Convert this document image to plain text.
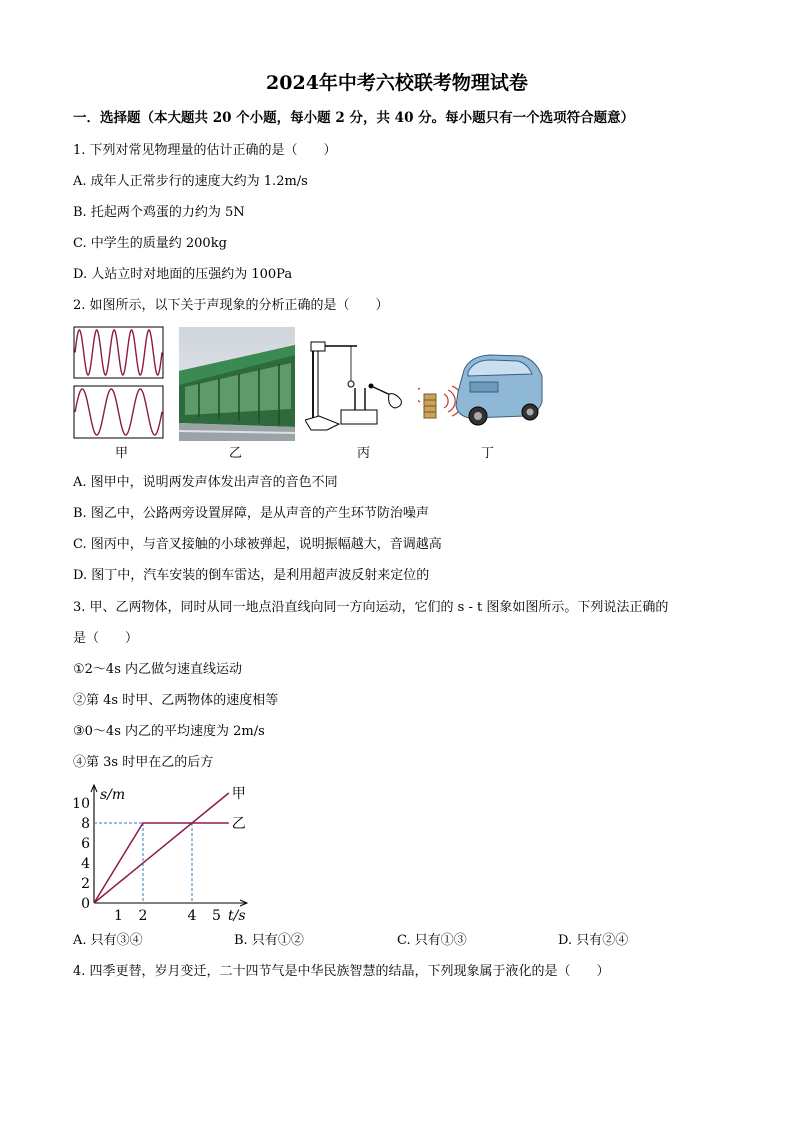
2024年中考六校联考物理试卷
一．选择题（本大题共 20 个小题，每小题 2 分，共 40 分。每小题只有一个选项符合题意）
1. 下列对常见物理量的估计正确的是（　　）
A. 成年人正常步行的速度大约为 1.2m/s
B. 托起两个鸡蛋的力约为 5N
C. 中学生的质量约 200kg
D. 人站立时对地面的压强约为 100Pa
2. 如图所示，以下关于声现象的分析正确的是（　　）
甲	乙	丙	丁
A. 图甲中，说明两发声体发出声音的音色不同
B. 图乙中，公路两旁设置屏障，是从声音的产生环节防治噪声
C. 图丙中，与音叉接触的小球被弹起，说明振幅越大，音调越高
D. 图丁中，汽车安装的倒车雷达，是利用超声波反射来定位的
3. 甲、乙两物体，同时从同一地点沿直线向同一方向运动，它们的 s - t 图象如图所示。下列说法正确的
是（　　）
①2～4s 内乙做匀速直线运动
②第 4s 时甲、乙两物体的速度相等
③0～4s 内乙的平均速度为 2m/s
④第 3s 时甲在乙的后方
0
2
4
6
8
10
1 2	4 5
s/m
t/s
甲
乙
A. 只有③④	B. 只有①②	C. 只有①③	D. 只有②④
4. 四季更替，岁月变迁，二十四节气是中华民族智慧的结晶，下列现象属于液化的是（　　）
